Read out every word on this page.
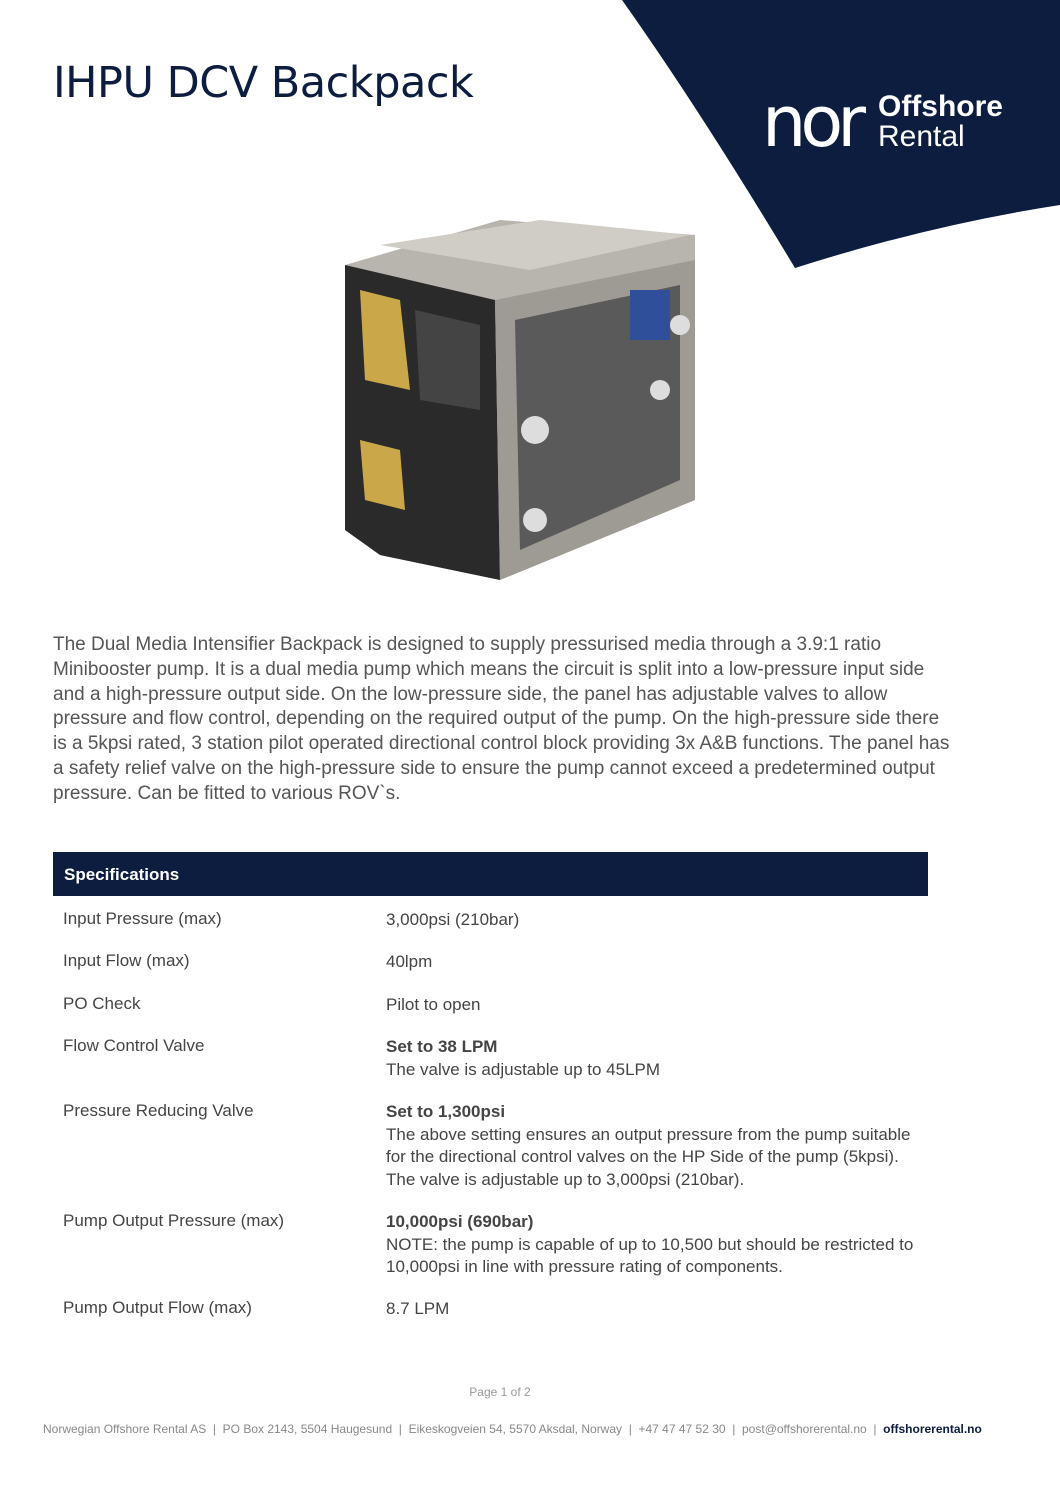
IHPU DCV Backpack	nor Offshore
Rental
The Dual Media Intensifier Backpack is designed to supply pressurised media through a 3.9:1 ratio Minibooster pump. It is a dual media pump which means the circuit is split into a low-pressure input side and a high-pressure output side. On the low-pressure side, the panel has adjustable valves to allow pressure and flow control, depending on the required output of the pump. On the high-pressure side there is a 5kpsi rated, 3 station pilot operated directional control block providing 3x A&B functions. The panel has a safety relief valve on the high-pressure side to ensure the pump cannot exceed a predetermined output pressure. Can be fitted to various ROV`s.
Specifications
Input Pressure (max)	3,000psi (210bar)
Input Flow (max)	40lpm
PO Check	Pilot to open
Flow Control Valve	Set to 38 LPM
The valve is adjustable up to 45LPM
Pressure Reducing Valve	Set to 1,300psi
The above setting ensures an output pressure from the pump suitable for the directional control valves on the HP Side of the pump (5kpsi). The valve is adjustable up to 3,000psi (210bar).
Pump Output Pressure (max)	10,000psi (690bar)
NOTE: the pump is capable of up to 10,500 but should be restricted to 10,000psi in line with pressure rating of components.
Pump Output Flow (max)	8.7 LPM
Page 1 of 2
Norwegian Offshore Rental AS  |  PO Box 2143, 5504 Haugesund  |  Eikeskogveien 54, 5570 Aksdal, Norway  |  +47 47 47 52 30  |  post@offshorerental.no  |  offshorerental.no
